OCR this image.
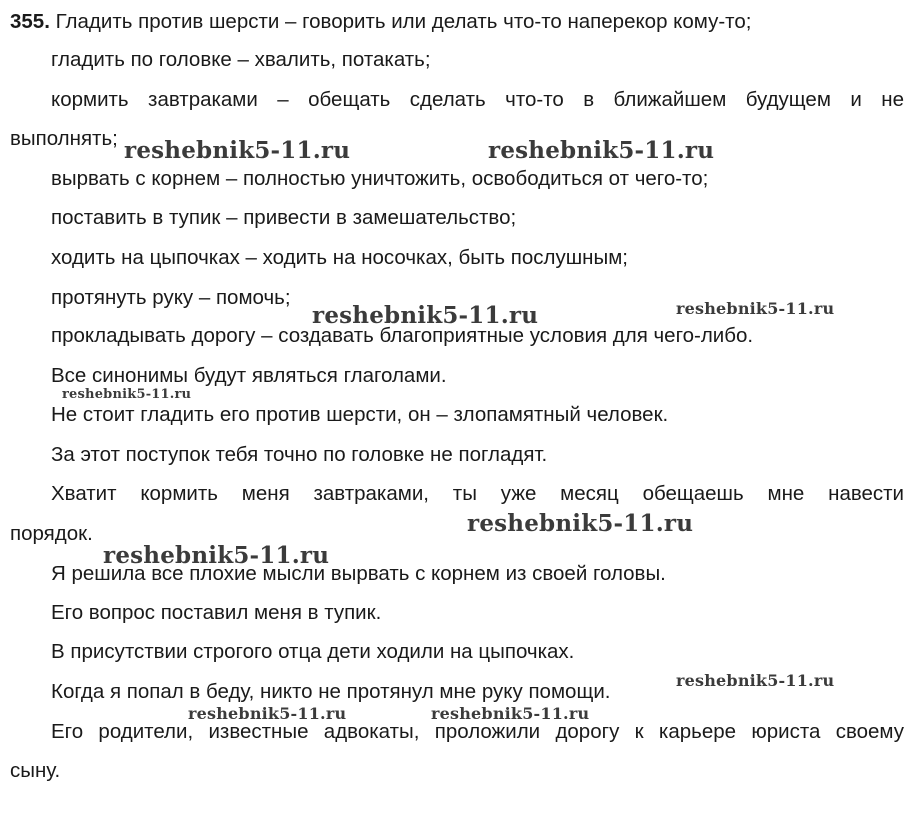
355. Гладить против шерсти – говорить или делать что-то наперекор кому-то;
гладить по головке – хвалить, потакать;
кормить завтраками – обещать сделать что-то в ближайшем будущем и не
выполнять;
вырвать с корнем – полностью уничтожить, освободиться от чего-то;
поставить в тупик – привести в замешательство;
ходить на цыпочках – ходить на носочках, быть послушным;
протянуть руку – помочь;
прокладывать дорогу – создавать благоприятные условия для чего-либо.
Все синонимы будут являться глаголами.
Не стоит гладить его против шерсти, он – злопамятный человек.
За этот поступок тебя точно по головке не погладят.
Хватит кормить меня завтраками, ты уже месяц обещаешь мне навести
порядок.
Я решила все плохие мысли вырвать с корнем из своей головы.
Его вопрос поставил меня в тупик.
В присутствии строгого отца дети ходили на цыпочках.
Когда я попал в беду, никто не протянул мне руку помощи.
Его родители, известные адвокаты, проложили дорогу к карьере юриста своему
сыну.
reshebnik5-11.ru	reshebnik5-11.ru
reshebnik5-11.ru	reshebnik5-11.ru
reshebnik5-11.ru
reshebnik5-11.ru
reshebnik5-11.ru
reshebnik5-11.ru
reshebnik5-11.ru	reshebnik5-11.ru
